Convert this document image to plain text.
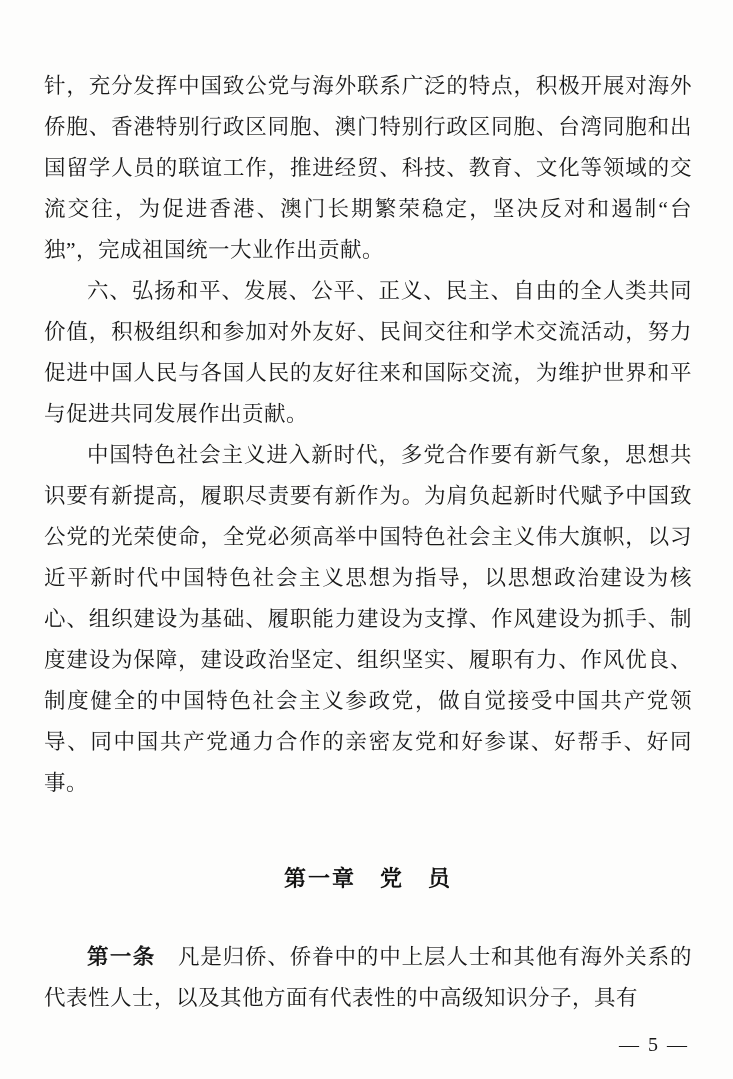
针，充分发挥中国致公党与海外联系广泛的特点，积极开展对海外侨胞、香港特别行政区同胞、澳门特别行政区同胞、台湾同胞和出国留学人员的联谊工作，推进经贸、科技、教育、文化等领域的交流交往，为促进香港、澳门长期繁荣稳定，坚决反对和遏制“台独”，完成祖国统一大业作出贡献。

六、弘扬和平、发展、公平、正义、民主、自由的全人类共同价值，积极组织和参加对外友好、民间交往和学术交流活动，努力促进中国人民与各国人民的友好往来和国际交流，为维护世界和平与促进共同发展作出贡献。

中国特色社会主义进入新时代，多党合作要有新气象，思想共识要有新提高，履职尽责要有新作为。为肩负起新时代赋予中国致公党的光荣使命，全党必须高举中国特色社会主义伟大旗帜，以习近平新时代中国特色社会主义思想为指导，以思想政治建设为核心、组织建设为基础、履职能力建设为支撑、作风建设为抓手、制度建设为保障，建设政治坚定、组织坚实、履职有力、作风优良、制度健全的中国特色社会主义参政党，做自觉接受中国共产党领导、同中国共产党通力合作的亲密友党和好参谋、好帮手、好同事。

第一章　党　员

第一条　凡是归侨、侨眷中的中上层人士和其他有海外关系的代表性人士，以及其他方面有代表性的中高级知识分子，具有

— 5 —
